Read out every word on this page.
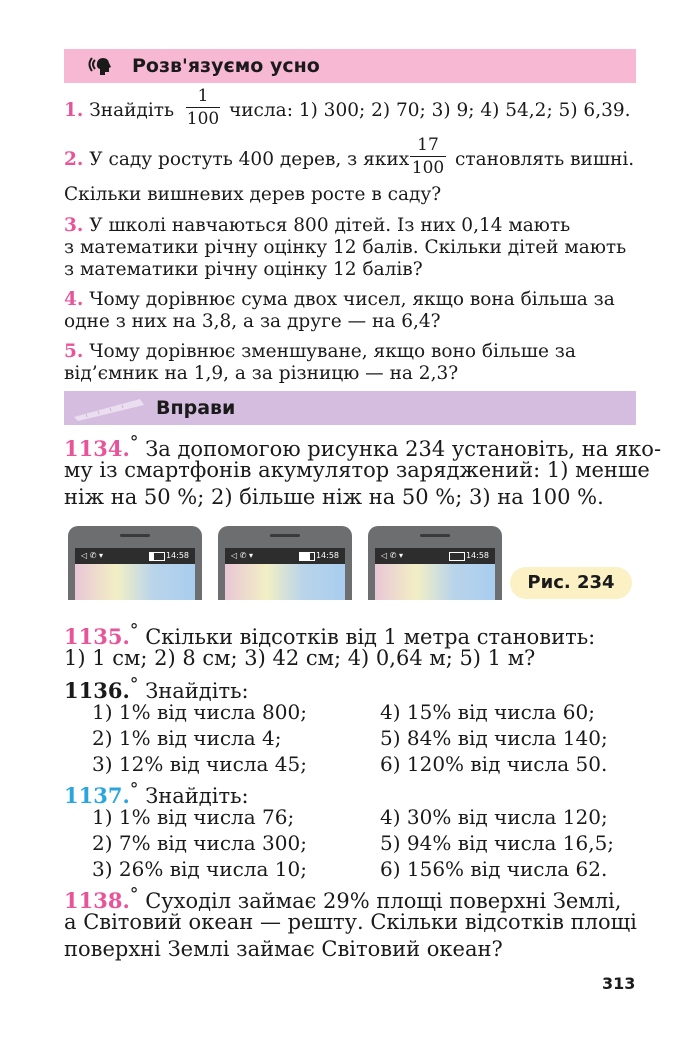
Розв'язуємо усно
1. Знайдіть
1
100 числа: 1) 300; 2) 70; 3) 9; 4) 54,2; 5) 6,39.
2. У саду ростуть 400 дерев, з яких
17
100 становлять вишні.
Скільки вишневих дерев росте в саду?
3. У школі навчаються 800 дітей. Із них 0,14 мають
з математики річну оцінку 12 балів. Скільки дітей мають
з математики річну оцінку 12 балів?
4. Чому дорівнює сума двох чисел, якщо вона більша за
одне з них на 3,8, а за друге — на 6,4?
5. Чому дорівнює зменшуване, якщо воно більше за
від’ємник на 1,9, а за різницю — на 2,3?
Вправи
1134.° За допомогою рисунка 234 установіть, на яко-
му із смартфонів акумулятор заряджений: 1) менше
ніж на 50 %; 2) більше ніж на 50 %; 3) на 100 %.
◁ ✆ ▾	14:58	◁ ✆ ▾	14:58	◁ ✆ ▾	14:58
Рис. 234
1135.° Скільки відсотків від 1 метра становить:
1) 1 см; 2) 8 см; 3) 42 см; 4) 0,64 м; 5) 1 м?
1136.° Знайдіть:
1) 1% від числа 800;
2) 1% від числа 4;
3) 12% від числа 45;
4) 15% від числа 60;
5) 84% від числа 140;
6) 120% від числа 50.
1137.° Знайдіть:
1) 1% від числа 76;
2) 7% від числа 300;
3) 26% від числа 10;
4) 30% від числа 120;
5) 94% від числа 16,5;
6) 156% від числа 62.
1138.° Суходіл займає 29% площі поверхні Землі,
а Світовий океан — решту. Скільки відсотків площі
поверхні Землі займає Світовий океан?
313
